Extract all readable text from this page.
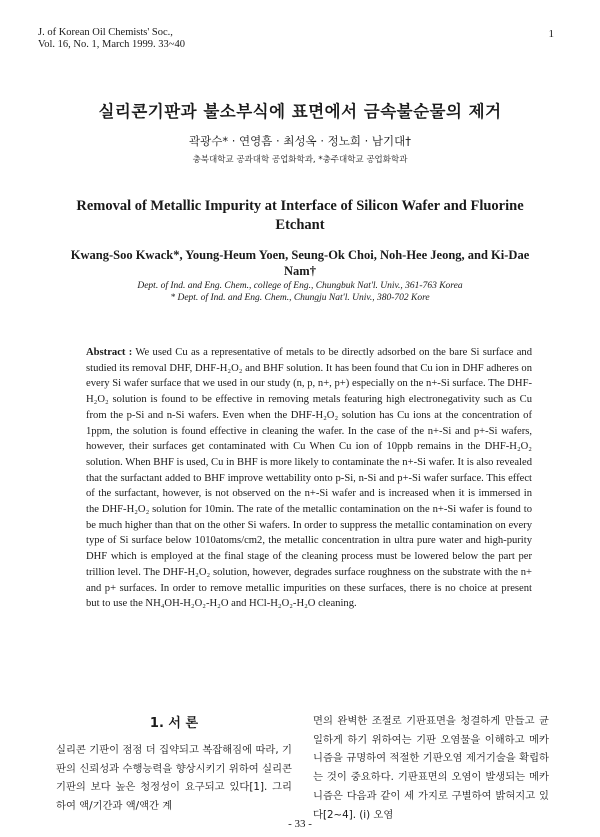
J. of Korean Oil Chemists' Soc.,
Vol. 16, No. 1, March 1999. 33~40
1
실리콘기판과 불소부식에 표면에서 금속불순물의 제거
곽광수* · 연영흠 · 최성옥 · 정노희 · 남기대†
충북대학교 공과대학 공업화학과, *충주대학교 공업화학과
Removal of Metallic Impurity at Interface of Silicon Wafer and Fluorine Etchant
Kwang-Soo Kwack*, Young-Heum Yoen, Seung-Ok Choi, Noh-Hee Jeong, and Ki-Dae Nam†
Dept. of Ind. and Eng. Chem., college of Eng., Chungbuk Nat'l. Univ., 361-763 Korea
* Dept. of Ind. and Eng. Chem., Chungju Nat'l. Univ., 380-702 Kore
Abstract : We used Cu as a representative of metals to be directly adsorbed on the bare Si surface and studied its removal DHF, DHF-H₂O₂ and BHF solution. It has been found that Cu ion in DHF adheres on every Si wafer surface that we used in our study (n, p, n+, p+) especially on the n+-Si surface. The DHF-H₂O₂ solution is found to be effective in removing metals featuring high electronegativity such as Cu from the p-Si and n-Si wafers. Even when the DHF-H₂O₂ solution has Cu ions at the concentration of 1ppm, the solution is found effective in cleaning the wafer. In the case of the n+-Si and p+-Si wafers, however, their surfaces get contaminated with Cu When Cu ion of 10ppb remains in the DHF-H₂O₂ solution. When BHF is used, Cu in BHF is more likely to contaminate the n+-Si wafer. It is also revealed that the surfactant added to BHF improve wettability onto p-Si, n-Si and p+-Si wafer surface. This effect of the surfactant, however, is not observed on the n+-Si wafer and is increased when it is immersed in the DHF-H₂O₂ solution for 10min. The rate of the metallic contamination on the n+-Si wafer is found to be much higher than that on the other Si wafers. In order to suppress the metallic contamination on every type of Si surface below 1010atoms/cm2, the metallic concentration in ultra pure water and high-purity DHF which is employed at the final stage of the cleaning process must be lowered below the part per trillion level. The DHF-H₂O₂ solution, however, degrades surface roughness on the substrate with the n+ and p+ surfaces. In order to remove metallic impurities on these surfaces, there is no choice at present but to use the NH₄OH-H₂O₂-H₂O and HCl-H₂O₂-H₂O cleaning.
1. 서 론
실리콘 기판이 점점 더 집약되고 복잡해짐에 따라, 기판의 신뢰성과 수행능력을 향상시키기 위하여 실리콘 기판의 보다 높은 청정성이 요구되고 있다[1]. 그리하여 액/기간과 액/액간 계
면의 완벽한 조절로 기판표면을 청결하게 만들고 균일하게 하기 위하여는 기판 오염물을 이해하고 메카니즘을 규명하여 적절한 기판오염 제거기술을 확립하는 것이 중요하다. 기판표면의 오염이 발생되는 메카니즘은 다음과 같이 세 가지로 구별하여 밝혀지고 있다[2~4]. (ⅰ) 오염
- 33 -
